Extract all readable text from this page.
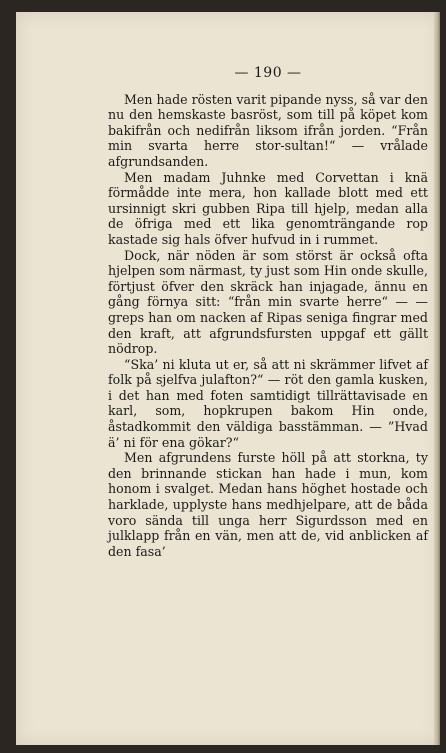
— 190 —

Men hade rösten varit pipande nyss, så var den nu den hemskaste basröst, som till på köpet kom bakifrån och nedifrån liksom ifrån jorden. “Från min svarta herre stor-sultan!“ — vrålade afgrundsanden.

Men madam Juhnke med Corvettan i knä förmådde inte mera, hon kallade blott med ett ursinnigt skri gubben Ripa till hjelp, medan alla de öfriga med ett lika genomträngande rop kastade sig hals öfver hufvud in i rummet.

Dock, när nöden är som störst är också ofta hjelpen som närmast, ty just som Hin onde skulle, förtjust öfver den skräck han injagade, ännu en gång förnya sitt: “från min svarte herre“ — — greps han om nacken af Ripas seniga fingrar med den kraft, att afgrundsfursten uppgaf ett gällt nödrop.

“Ska’ ni kluta ut er, så att ni skrämmer lifvet af folk på sjelfva julafton?“ — röt den gamla kusken, i det han med foten samtidigt tillrättavisade en karl, som, hopkrupen bakom Hin onde, åstadkommit den väldiga basstämman. — ”Hvad ä’ ni för ena gökar?“

Men afgrundens furste höll på att storkna, ty den brinnande stickan han hade i mun, kom honom i svalget. Medan hans höghet hostade och harklade, upplyste hans medhjelpare, att de båda voro sända till unga herr Sigurdsson med en julklapp från en vän, men att de, vid anblicken af den fasa’
